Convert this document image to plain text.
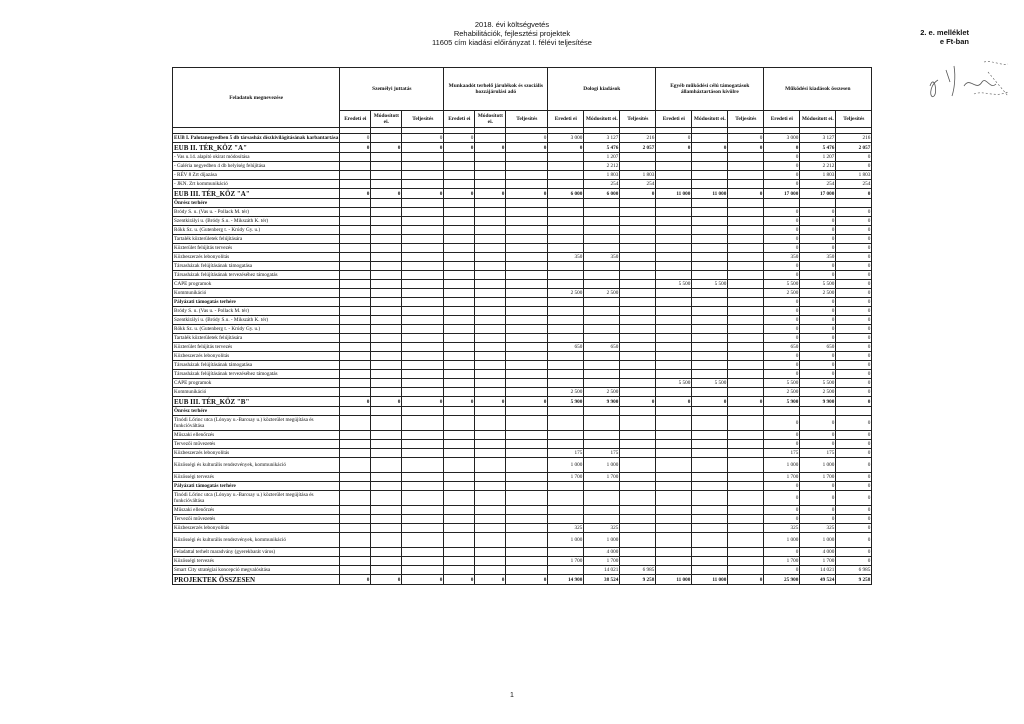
2018. évi költségvetés
Rehabilitációk, fejlesztési projektek
11605 cím kiadási előirányzat I. félévi teljesítése
2. e. melléklet
e Ft-ban
Feladatok megnevezése	Személyi juttatás			Munkaadót terhelő járulékok és szociális hozzájárulási adó			Dologi kiadások			Egyéb működési célú támogatások államháztartáson kívülre			Működési kiadások összesen		
	Eredeti ei	Módosított ei.	Teljesítés	Eredeti ei	Módosított ei.	Teljesítés	Eredeti ei	Módosított ei.	Teljesítés	Eredeti ei	Módosított ei.	Teljesítés	Eredeti ei	Módosított ei.	Teljesítés

EUB I. Palotanegyedben 5 db társasház díszkivilágításának karbantartása	0		0	0		0	3 000	3 127	216	0		0	3 000	3 127	216
EUB II. TÉR_KÖZ "A"	0	0	0	0	0	0	0	5 476	2 057	0	0	0	0	5 476	2 057
- Vas u.14. alapító okirat módosítása								1 207					0	1 207	0
- Galéria negyedben 4 db helyiség felújítása								2 212					0	2 212	0
- RÉV 8 Zrt díjazása								1 803	1 803				0	1 803	1 803
- JKN. Zrt kommunikáció								254	254				0	254	254
EUB III. TÉR_KÖZ "A"	0	0	0	0	0	0	6 000	6 000	0	11 000	11 000	0	17 000	17 000	0
Önrész terhére															
Bródy S. u. (Vas u. - Pollack M. tér)													0	0	0
Szentkirályi u. (Bródy S.u. - Mikszáth K. tér)													0	0	0
Rökk Sz. u. (Gutenberg t. - Krúdy Gy. u.)													0	0	0
Tartalék közterületek felújítására													0	0	0
Közterület felújítás tervezés													0	0	0
Közbeszerzés lebonyolítás							350	350					350	350	0
Társasházak felújításának támogatása													0	0	0
Társasházak felújításának tervezéséhez támogatás													0	0	0
CAPE programok										5 500	5 500		5 500	5 500	0
Kommunikáció							2 500	2 500					2 500	2 500	0
Pályázati támogatás terhére													0	0	0
Bródy S. u. (Vas u. - Pollack M. tér)													0	0	0
Szentkirályi u. (Bródy S.u. - Mikszáth K. tér)													0	0	0
Rökk Sz. u. (Gutenberg t. - Krúdy Gy. u.)													0	0	0
Tartalék közterületek felújítására													0	0	0
Közterület felújítás tervezés							650	650					650	650	0
Közbeszerzés lebonyolítás													0	0	0
Társasházak felújításának támogatása													0	0	0
Társasházak felújításának tervezéséhez támogatás													0	0	0
CAPE programok										5 500	5 500		5 500	5 500	0
Kommunikáció							2 500	2 500					2 500	2 500	0
EUB III. TÉR_KÖZ "B"	0	0	0	0	0	0	5 900	9 900	0	0	0	0	5 900	9 900	0
Önrész terhére															
Tinódi Lőrinc utca (Lónyay u.-Barcsay u.) közterület megújítása és funkcióváltása													0	0	0
Műszaki ellenőrzés													0	0	0
Tervezői művezetés													0	0	0
Közbeszerzés lebonyolítás							175	175					175	175	0
Közösségi és kulturális rendezvények, kommunikáció							1 000	1 000					1 000	1 000	0
Közösségi tervezés							1 700	1 700					1 700	1 700	0
Pályázati támogatás terhére													0	0	0
Tinódi Lőrinc utca (Lónyay u.-Barcsay u.) közterület megújítása és funkcióváltása													0	0	0
Műszaki ellenőrzés													0	0	0
Tervezői művezetés													0	0	0
Közbeszerzés lebonyolítás							325	325					325	325	0
Közösségi és kulturális rendezvények, kommunikáció							1 000	1 000					1 000	1 000	0
Feladattal terhelt maradvány (gyerekbarát város)								4 000					0	4 000	0
Közösségi tervezés							1 700	1 700					1 700	1 700	0
Smart City stratégiai koncepció megvalósítása								14 021	6 985				0	14 021	6 985
PROJEKTEK ÖSSZESEN	0	0	0	0	0	0	14 900	38 524	9 258	11 000	11 000	0	25 900	49 524	9 258
1
